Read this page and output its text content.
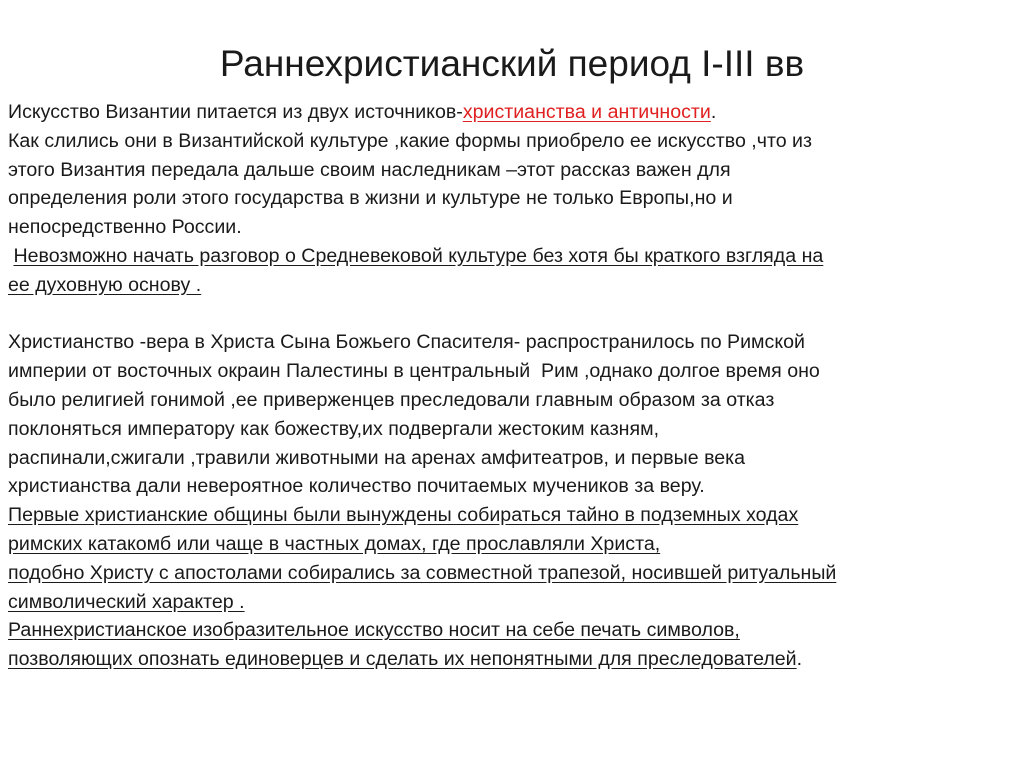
Раннехристианский период I-III вв
Искусство Византии питается из двух источников-христианства и античности.
Как слились они в Византийской культуре ,какие формы приобрело ее искусство ,что из
этого Византия передала дальше своим наследникам –этот рассказ важен для
определения роли этого государства в жизни и культуре не только Европы,но и
непосредственно России.
Невозможно начать разговор о Средневековой культуре без хотя бы краткого взгляда на
ее духовную основу .
Христианство -вера в Христа Сына Божьего Спасителя- распространилось по Римской
империи от восточных окраин Палестины в центральный  Рим ,однако долгое время оно
было религией гонимой ,ее приверженцев преследовали главным образом за отказ
поклоняться императору как божеству,их подвергали жестоким казням,
распинали,сжигали ,травили животными на аренах амфитеатров, и первые века
христианства дали невероятное количество почитаемых мучеников за веру.
Первые христианские общины были вынуждены собираться тайно в подземных ходах
римских катакомб или чаще в частных домах, где прославляли Христа,
подобно Христу с апостолами собирались за совместной трапезой, носившей ритуальный
символический характер .
Раннехристианское изобразительное искусство носит на себе печать символов,
позволяющих опознать единоверцев и сделать их непонятными для преследователей.
